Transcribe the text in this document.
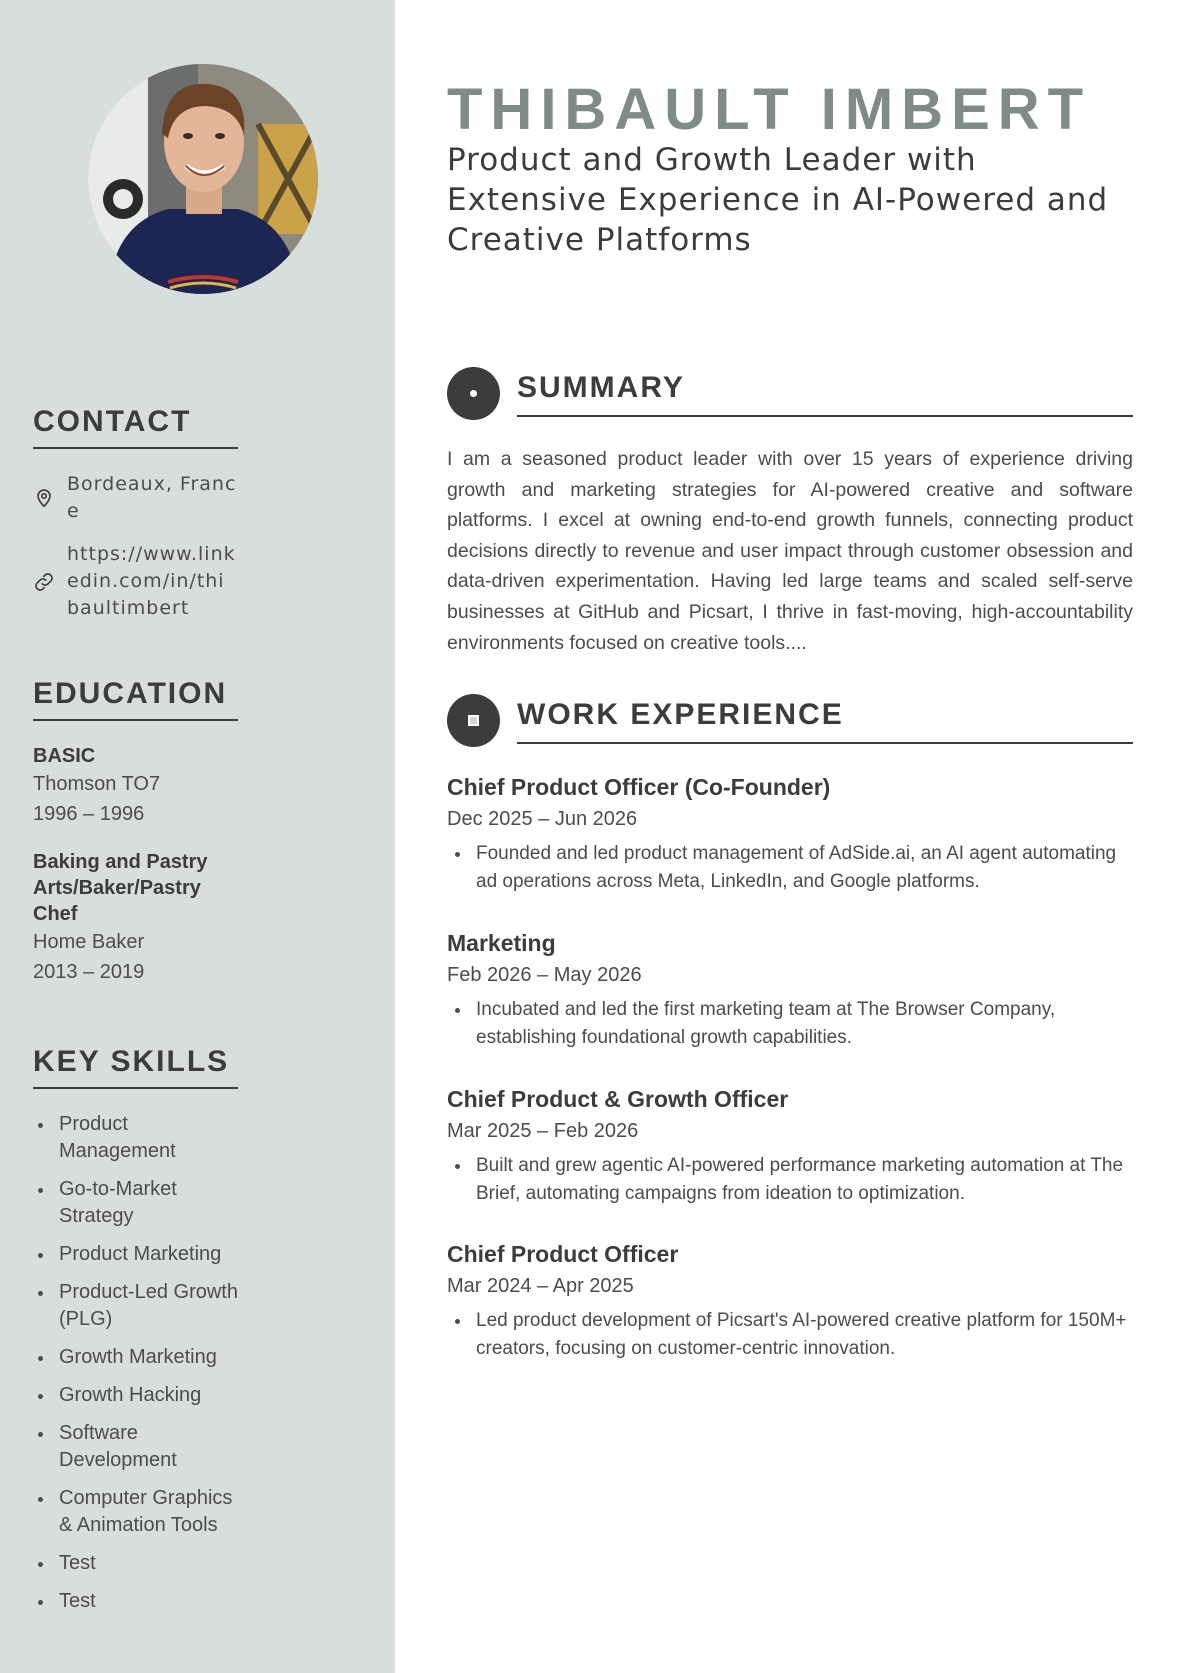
CONTACT
Bordeaux, France
https://www.linkedin.com/in/thibaultimbert
EDUCATION
BASIC
Thomson TO7
1996 – 1996
Baking and Pastry Arts/Baker/Pastry Chef
Home Baker
2013 – 2019
KEY SKILLS
Product Management
Go-to-Market Strategy
Product Marketing
Product-Led Growth (PLG)
Growth Marketing
Growth Hacking
Software Development
Computer Graphics & Animation Tools
Test
Test
THIBAULT IMBERT

Product and Growth Leader with Extensive Experience in AI-Powered and Creative Platforms

SUMMARY

I am a seasoned product leader with over 15 years of experience driving growth and marketing strategies for AI-powered creative and software platforms. I excel at owning end-to-end growth funnels, connecting product decisions directly to revenue and user impact through customer obsession and data-driven experimentation. Having led large teams and scaled self-serve businesses at GitHub and Picsart, I thrive in fast-moving, high-accountability environments focused on creative tools....

WORK EXPERIENCE
Chief Product Officer (Co-Founder)
Dec 2025 – Jun 2026
Founded and led product management of AdSide.ai, an AI agent automating ad operations across Meta, LinkedIn, and Google platforms.
Marketing
Feb 2026 – May 2026
Incubated and led the first marketing team at The Browser Company, establishing foundational growth capabilities.
Chief Product & Growth Officer
Mar 2025 – Feb 2026
Built and grew agentic AI-powered performance marketing automation at The Brief, automating campaigns from ideation to optimization.
Chief Product Officer
Mar 2024 – Apr 2025
Led product development of Picsart's AI-powered creative platform for 150M+ creators, focusing on customer-centric innovation.
